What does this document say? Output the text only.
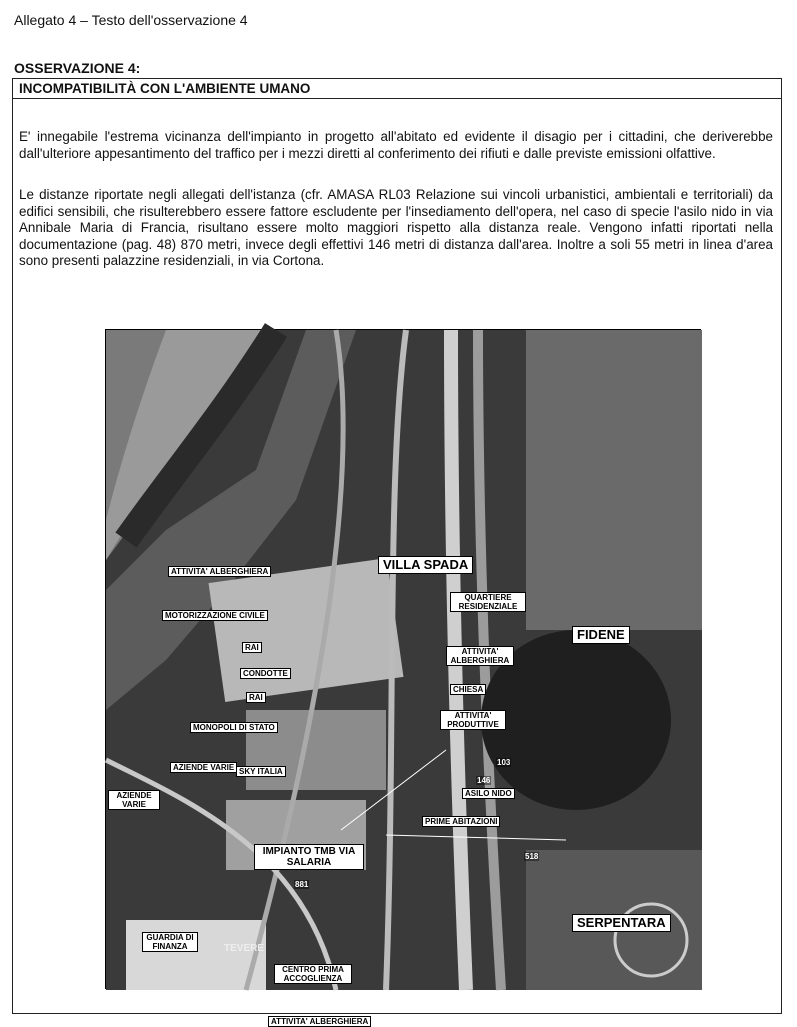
Allegato 4 – Testo dell'osservazione 4
OSSERVAZIONE 4:
INCOMPATIBILITÀ CON L'AMBIENTE UMANO
E' innegabile l'estrema vicinanza dell'impianto in progetto all'abitato ed evidente il disagio per i cittadini, che deriverebbe dall'ulteriore appesantimento del traffico per i mezzi diretti al conferimento dei rifiuti e dalle previste emissioni olfattive.
Le distanze riportate negli allegati dell'istanza (cfr. AMASA RL03 Relazione sui vincoli urbanistici, ambientali e territoriali) da edifici sensibili, che risulterebbero essere fattore escludente per l'insediamento dell'opera, nel caso di specie l'asilo nido in via Annibale Maria di Francia, risultano essere molto maggiori rispetto alla distanza reale. Vengono infatti riportati nella documentazione (pag. 48) 870 metri, invece degli effettivi 146 metri di distanza dall'area. Inoltre a soli 55 metri in linea d'area sono presenti palazzine residenziali, in via Cortona.
VILLA SPADA
FIDENE
SERPENTARA
ATTIVITA' ALBERGHIERA
MOTORIZZAZIONE CIVILE
RAI
CONDOTTE
RAI
MONOPOLI DI STATO
AZIENDE VARIE SKY ITALIA
AZIENDE VARIE
IMPIANTO TMB VIA SALARIA
QUARTIERE RESIDENZIALE
ATTIVITA' ALBERGHIERA
CHIESA
ATTIVITA' PRODUTTIVE
ASILO NIDO
PRIME ABITAZIONI
GUARDIA DI FINANZA	TEVERE
CENTRO PRIMA ACCOGLIENZA
ATTIVITA' ALBERGHIERA
881
518
146
103
